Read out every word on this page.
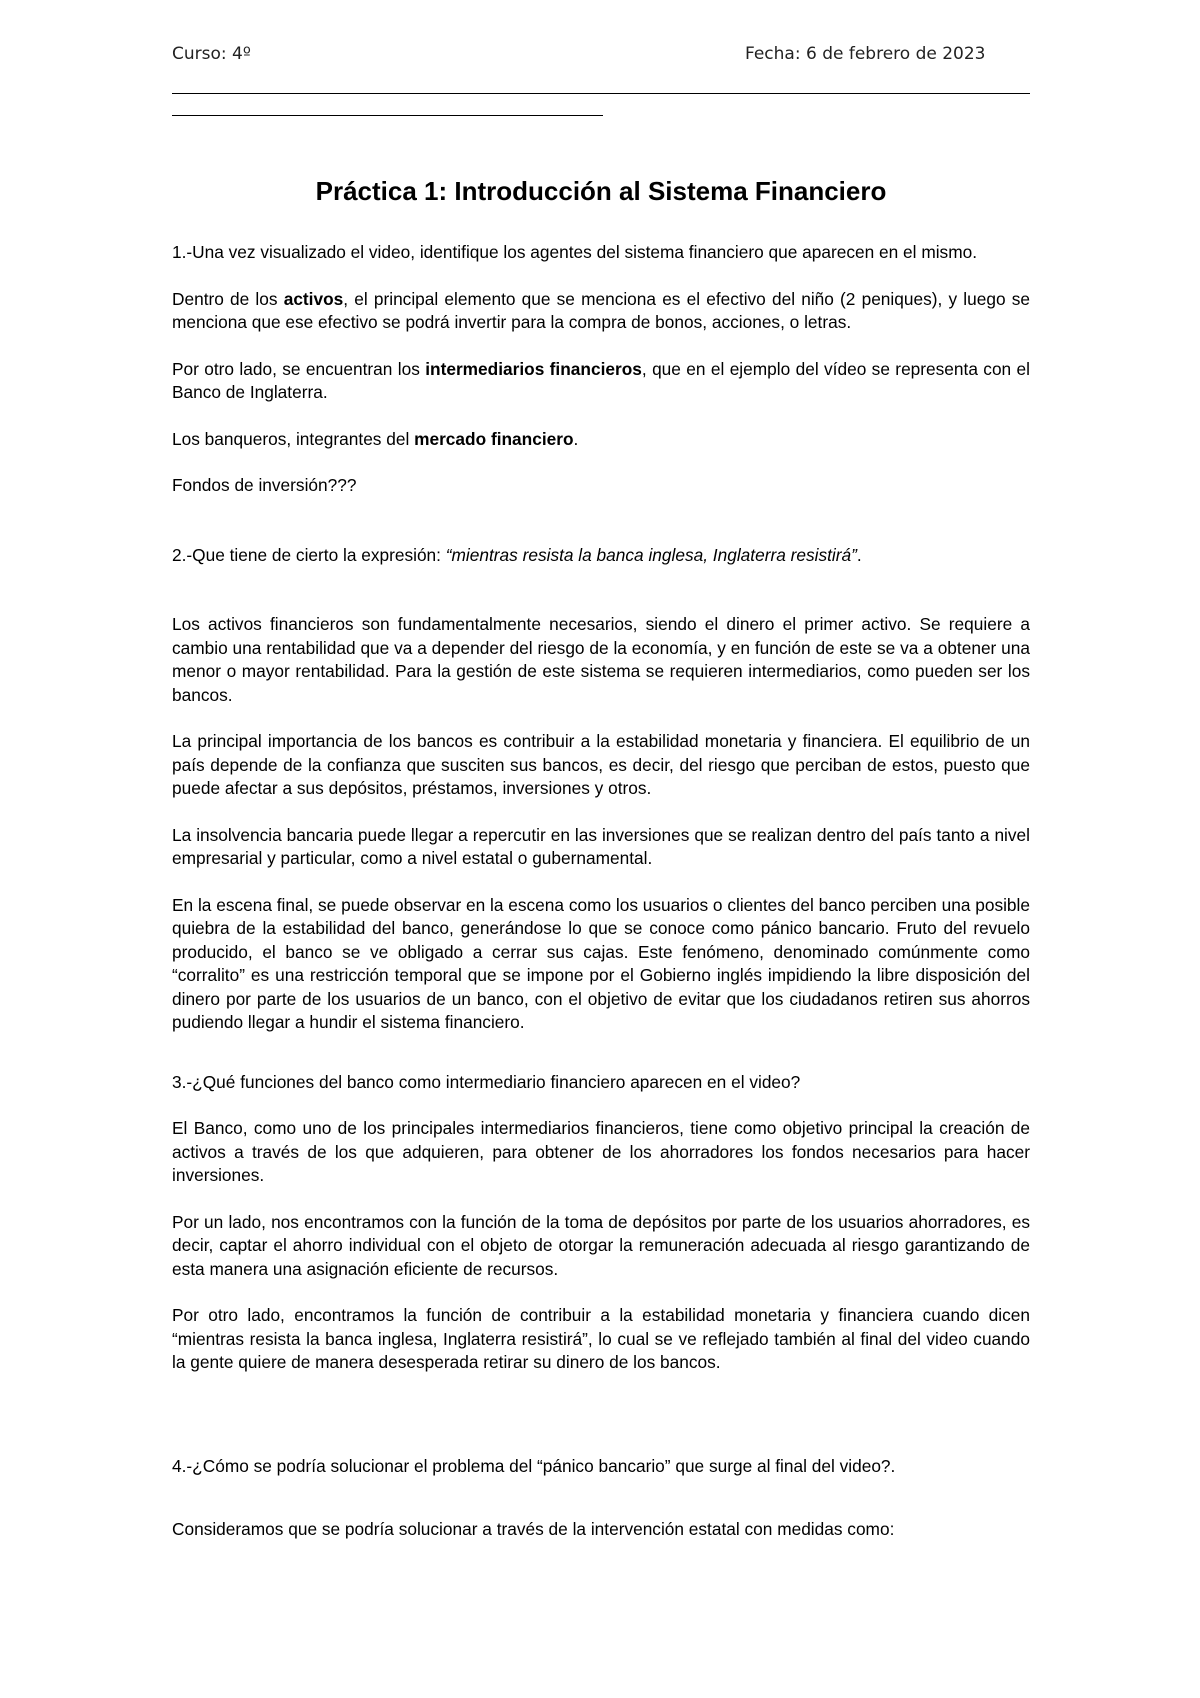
Curso: 4º	Fecha: 6 de febrero de 2023
Práctica 1: Introducción al Sistema Financiero

1.-Una vez visualizado el video, identifique los agentes del sistema financiero que aparecen en el mismo.

Dentro de los activos, el principal elemento que se menciona es el efectivo del niño (2 peniques), y luego se menciona que ese efectivo se podrá invertir para la compra de bonos, acciones, o letras.

Por otro lado, se encuentran los intermediarios financieros, que en el ejemplo del vídeo se representa con el Banco de Inglaterra.

Los banqueros, integrantes del mercado financiero.

Fondos de inversión???

2.-Que tiene de cierto la expresión: “mientras resista la banca inglesa, Inglaterra resistirá”.

Los activos financieros son fundamentalmente necesarios, siendo el dinero el primer activo. Se requiere a cambio una rentabilidad que va a depender del riesgo de la economía, y en función de este se va a obtener una menor o mayor rentabilidad. Para la gestión de este sistema se requieren intermediarios, como pueden ser los bancos.

La principal importancia de los bancos es contribuir a la estabilidad monetaria y financiera. El equilibrio de un país depende de la confianza que susciten sus bancos, es decir, del riesgo que perciban de estos, puesto que puede afectar a sus depósitos, préstamos, inversiones y otros.

La insolvencia bancaria puede llegar a repercutir en las inversiones que se realizan dentro del país tanto a nivel empresarial y particular, como a nivel estatal o gubernamental.

En la escena final, se puede observar en la escena como los usuarios o clientes del banco perciben una posible quiebra de la estabilidad del banco, generándose lo que se conoce como pánico bancario. Fruto del revuelo producido, el banco se ve obligado a cerrar sus cajas. Este fenómeno, denominado comúnmente como “corralito” es una restricción temporal que se impone por el Gobierno inglés impidiendo la libre disposición del dinero por parte de los usuarios de un banco, con el objetivo de evitar que los ciudadanos retiren sus ahorros pudiendo llegar a hundir el sistema financiero.

3.-¿Qué funciones del banco como intermediario financiero aparecen en el video?

El Banco, como uno de los principales intermediarios financieros, tiene como objetivo principal la creación de activos a través de los que adquieren, para obtener de los ahorradores los fondos necesarios para hacer inversiones.

Por un lado, nos encontramos con la función de la toma de depósitos por parte de los usuarios ahorradores, es decir, captar el ahorro individual con el objeto de otorgar la remuneración adecuada al riesgo garantizando de esta manera una asignación eficiente de recursos.

Por otro lado, encontramos la función de contribuir a la estabilidad monetaria y financiera cuando dicen “mientras resista la banca inglesa, Inglaterra resistirá”, lo cual se ve reflejado también al final del video cuando la gente quiere de manera desesperada retirar su dinero de los bancos.

4.-¿Cómo se podría solucionar el problema del “pánico bancario” que surge al final del video?.

Consideramos que se podría solucionar a través de la intervención estatal con medidas como:
